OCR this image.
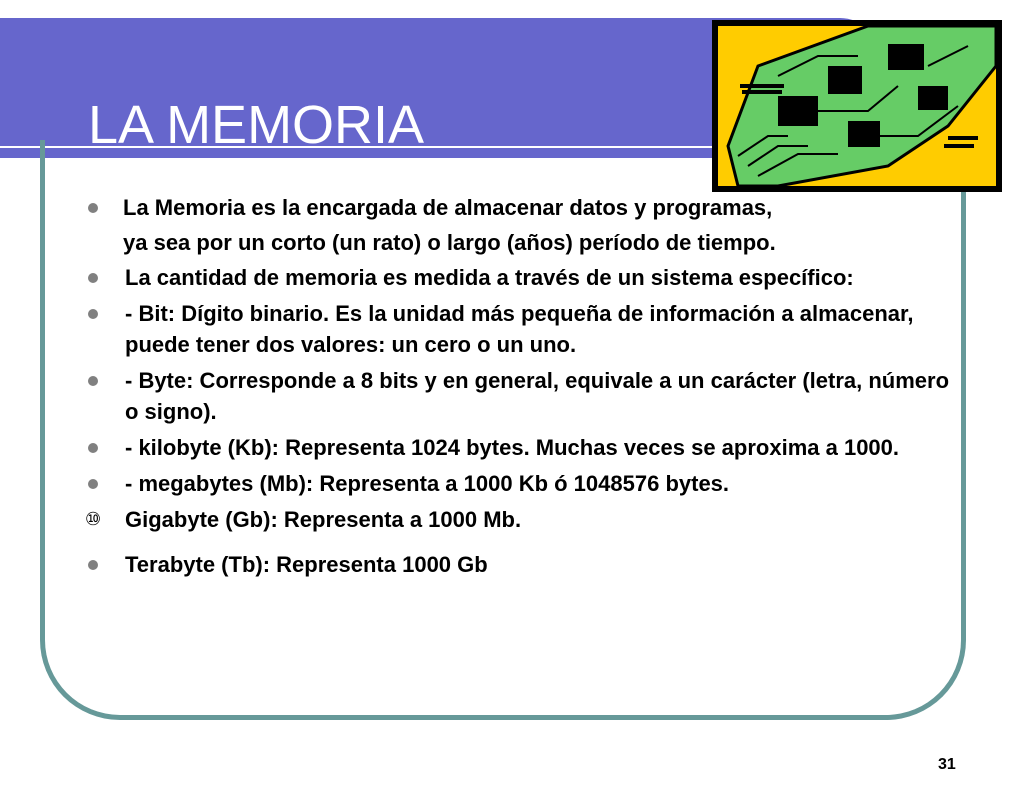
LA MEMORIA
La Memoria es la encargada de almacenar datos y programas,
ya sea por un corto (un rato) o largo (años) período de tiempo.
La cantidad de memoria es medida a través de un sistema específico:
- Bit: Dígito binario. Es la unidad más pequeña de información a almacenar, puede tener dos valores: un cero o un uno.
- Byte: Corresponde a 8 bits y en general, equivale a un carácter (letra, número o signo).
- kilobyte (Kb): Representa 1024 bytes. Muchas veces se aproxima a 1000.
- megabytes (Mb): Representa a 1000 Kb ó 1048576 bytes.
⑩ Gigabyte (Gb): Representa a 1000 Mb.
Terabyte (Tb): Representa 1000 Gb
31
